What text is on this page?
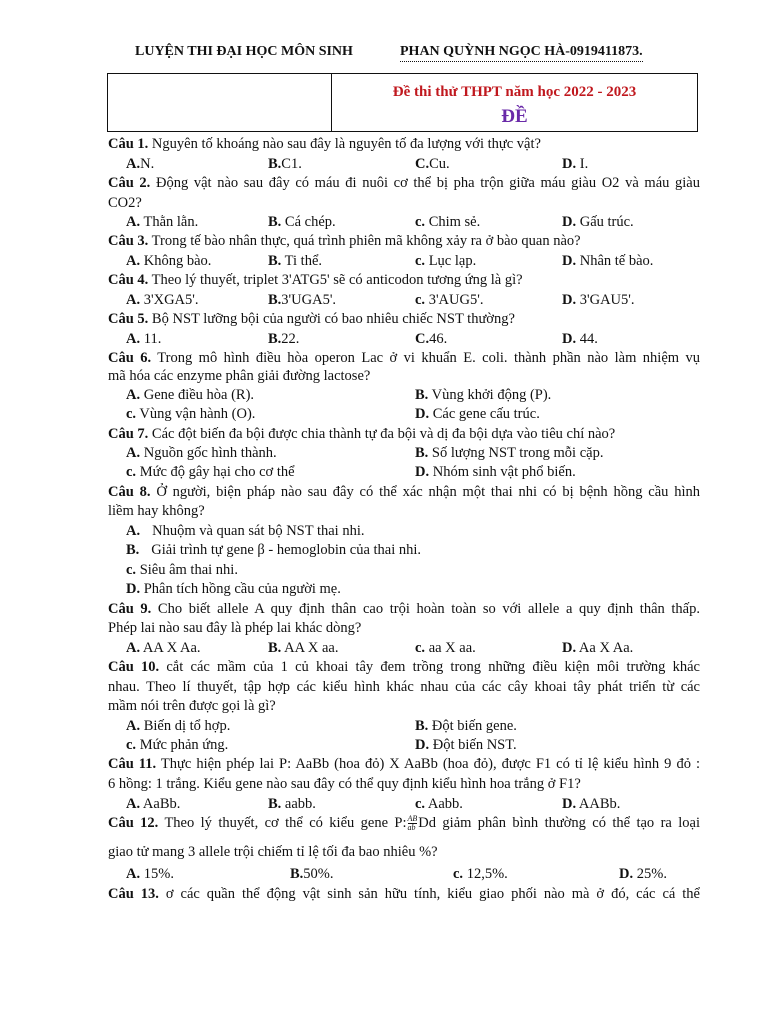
LUYỆN THI ĐẠI HỌC MÔN SINH	PHAN QUỲNH NGỌC HÀ-0919411873.
Đề thi thử THPT năm học 2022 - 2023
ĐỀ
Câu 1. Nguyên tố khoáng nào sau đây là nguyên tố đa lượng với thực vật?
A.N.	B.C1.	C.Cu.	D. I.
Câu 2. Động vật nào sau đây có máu đi nuôi cơ thể bị pha trộn giữa máu giàu O2 và máu giàu
CO2?
A. Thằn lằn.	B. Cá chép.	c. Chim sẻ.	D. Gấu trúc.
Câu 3. Trong tế bào nhân thực, quá trình phiên mã không xảy ra ở bào quan nào?
A. Không bào.	B. Ti thể.	c. Lục lạp.	D. Nhân tế bào.
Câu 4. Theo lý thuyết, triplet 3'ATG5' sẽ có anticodon tương ứng là gì?
A. 3'XGA5'.	B.3'UGA5'.	c. 3'AUG5'.	D. 3'GAU5'.
Câu 5. Bộ NST lưỡng bội của người có bao nhiêu chiếc NST thường?
A. 11.	B.22.	C.46.	D. 44.
Câu 6. Trong mô hình điều hòa operon Lac ở vi khuẩn E. coli. thành phần nào làm nhiệm vụ
mã hóa các enzyme phân giải đường lactose?
A. Gene điều hòa (R).	B. Vùng khởi động (P).
c. Vùng vận hành (O).	D. Các gene cấu trúc.
Câu 7. Các đột biến đa bội được chia thành tự đa bội và dị đa bội dựa vào tiêu chí nào?
A. Nguồn gốc hình thành.	B. Số lượng NST trong mỗi cặp.
c. Mức độ gây hại cho cơ thể	D. Nhóm sinh vật phổ biến.
Câu 8. Ở người, biện pháp nào sau đây có thể xác nhận một thai nhi có bị bệnh hồng cầu hình
liềm hay không?
A. Nhuộm và quan sát bộ NST thai nhi.
B. Giải trình tự gene β - hemoglobin của thai nhi.
c. Siêu âm thai nhi.
D. Phân tích hồng cầu của người mẹ.
Câu 9. Cho biết allele A quy định thân cao trội hoàn toàn so với allele a quy định thân thấp.
Phép lai nào sau đây là phép lai khác dòng?
A. AA X Aa.	B. AA X aa.	c. aa X aa.	D. Aa X Aa.
Câu 10. cắt các mầm của 1 củ khoai tây đem trồng trong những điều kiện môi trường khác
nhau. Theo lí thuyết, tập hợp các kiểu hình khác nhau của các cây khoai tây phát triển từ các
mầm nói trên được gọi là gì?
A. Biến dị tổ hợp.	B. Đột biến gene.
c. Mức phản ứng.	D. Đột biến NST.
Câu 11. Thực hiện phép lai P: AaBb (hoa đỏ) X AaBb (hoa đỏ), được F1 có tỉ lệ kiểu hình 9 đỏ :
6 hồng: 1 trắng. Kiểu gene nào sau đây có thể quy định kiểu hình hoa trắng ở F1?
A. AaBb.	B. aabb.	c. Aabb.	D. AABb.
Câu 12. Theo lý thuyết, cơ thể có kiểu gene P: $\frac{AB}{ab}$ Dd giảm phân bình thường có thể tạo ra loại
giao tử mang 3 allele trội chiếm tỉ lệ tối đa bao nhiêu %?
A. 15%.	B.50%.	c. 12,5%.	D. 25%.
Câu 13. ơ các quần thể động vật sinh sản hữu tính, kiểu giao phối nào mà ở đó, các cá thể
